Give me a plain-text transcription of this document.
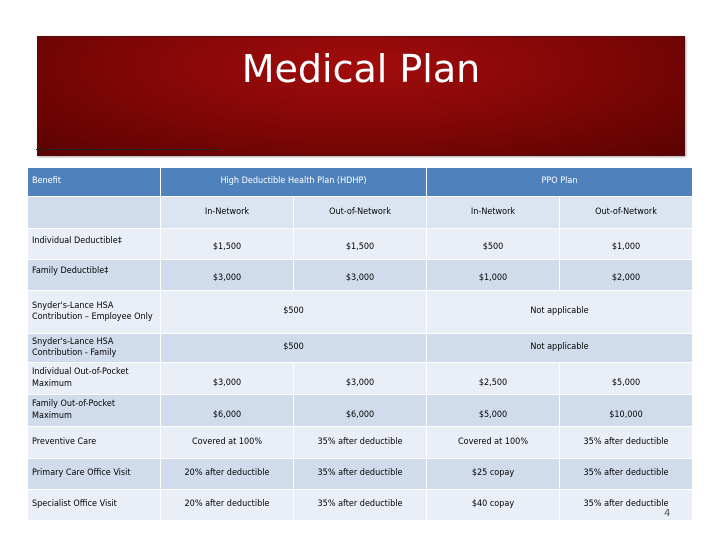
Medical Plan
Benefit	High Deductible Health Plan (HDHP)		PPO Plan	
	In-Network	Out-of-Network	In-Network	Out-of-Network
Individual Deductible‡	$1,500	$1,500	$500	$1,000
Family Deductible‡	$3,000	$3,000	$1,000	$2,000
Snyder's-Lance HSA Contribution – Employee Only	$500		Not applicable	
Snyder's-Lance HSA Contribution - Family	$500		Not applicable	
Individual Out-of-Pocket Maximum	$3,000	$3,000	$2,500	$5,000
Family Out-of-Pocket Maximum	$6,000	$6,000	$5,000	$10,000
Preventive Care	Covered at 100%	35% after deductible	Covered at 100%	35% after deductible
Primary Care Office Visit	20% after deductible	35% after deductible	$25 copay	35% after deductible
Specialist Office Visit	20% after deductible	35% after deductible	$40 copay	35% after deductible
4
